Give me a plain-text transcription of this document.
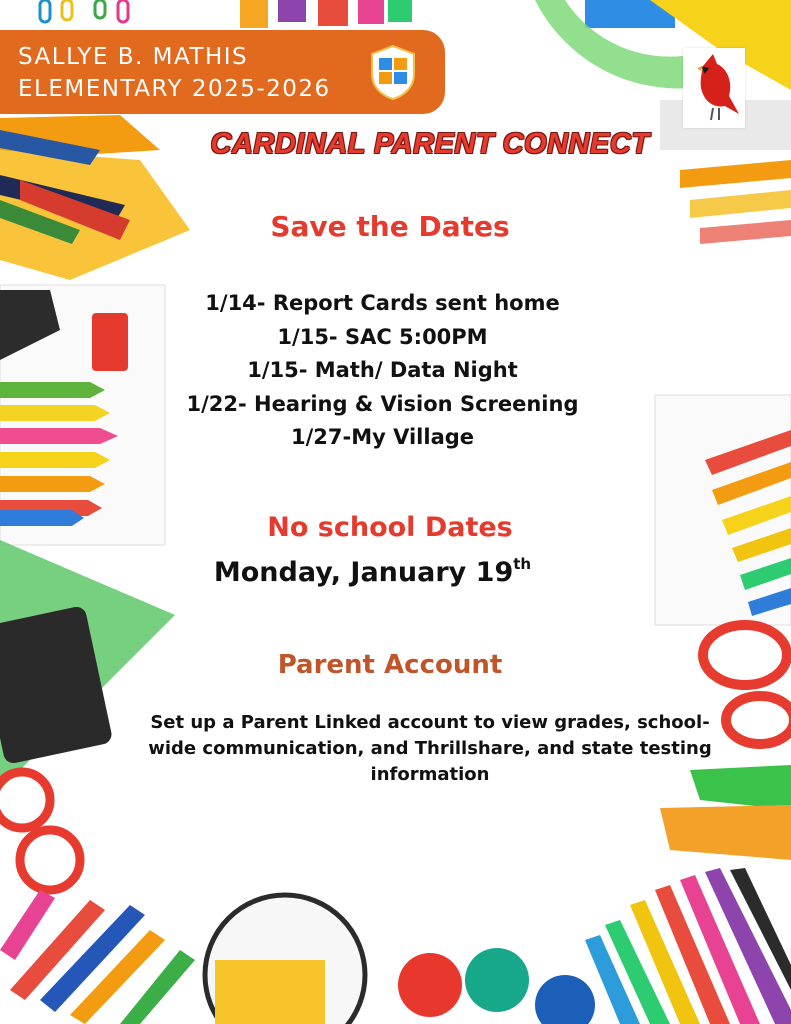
SALLYE B. MATHIS
ELEMENTARY 2025-2026
CARDINAL PARENT CONNECT
Save the Dates
1/14- Report Cards sent home
1/15- SAC 5:00PM
1/15- Math/ Data Night
1/22- Hearing & Vision Screening
1/27-My Village
No school Dates
Monday, January 19th
Parent Account
Set up a Parent Linked account to view grades, school-wide communication, and Thrillshare, and state testing information
